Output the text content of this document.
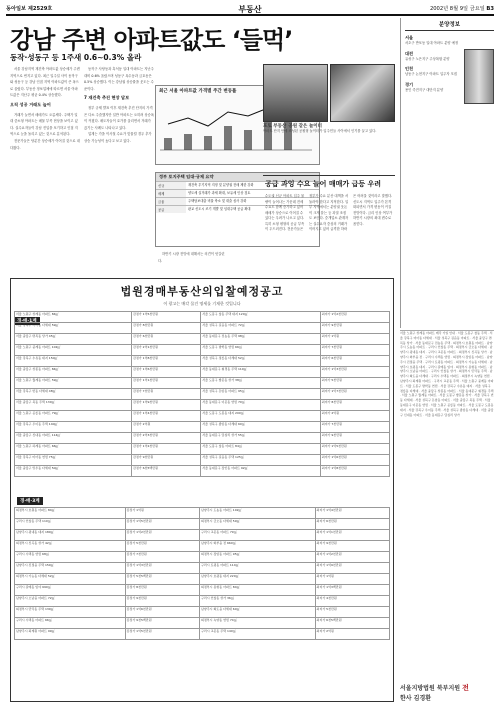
동아일보 제2529호	부동산	2002년 8월 9일 금요일 B3
강남 주변 아파트값도 ‘들먹’
동작·성동구 등 1주새 0.6∼0.3% 올라

서울 강남지역 재건축 아파트값 상승세가 주변 지역으로 번지고 있다. 최근 일주일 사이 동작구와 성동구 등 강남 인접 지역 아파트값이 큰 폭으로 올랐다. 부동산 정보업체에 따르면 서울 아파트값은 지난주 평균 0.4% 상승했다.

오직 성공 거래도 늘어

거래가 늘면서 매매가도 오름세다. 주택가 일대 중소형 아파트는 매물 부족 현상을 보이고 있다. 실수요자들이 강남 진입을 포기하고 인접 지역으로 눈을 돌리고 있는 것으로 분석된다.

전문가들은 당분간 상승세가 이어질 것으로 내다봤다.

동작구 사당동과 흑석동 일대 아파트는 지난주 대비 0.6% 올랐으며 성동구 옥수동과 금호동은 0.5% 상승했다. 이는 강남권 상승률을 웃도는 수준이다.

7 재건축 추진 현장 답보

정부 규제 발표 이후 재건축 추진 단지의 가격은 다소 주춤했지만 일반 아파트는 오히려 상승폭이 커졌다. 매도자들이 호가를 올리면서 거래가 끊기는 사례도 나타나고 있다.

업계는 가을 이사철 수요가 맞물릴 경우 추가 상승 가능성이 높다고 보고 있다.

하반기 시장 전망에 대해서는 의견이 엇갈린다.

최근 서울 아파트값 가격별 주간 변동률
정부 토지주택 임대·규제 요약
신규	재건축 투기지역 지정 및 분양권 전매 제한 강화
세제	양도세 실거래가 과세 확대, 보유세 인상 검토
금융	주택담보대출 비율 축소 및 대출 심사 강화
공급	판교 신도시 조기 개발 및 임대주택 공급 확대
포토 부동산 공원 같은 놀이터
아파트 단지 안에 조성된 공원형 놀이터가 입주민들 사이에서 인기를 끌고 있다.
공급 과잉 수요 늘어 매매가 급등 우려
수도권 신규 아파트 입주 물량이 늘어나는 가운데 전세 수요도 함께 증가하고 있어 매매가 상승으로 이어질 수 있다는 우려가 나오고 있다. 특히 소형 평형의 공급 부족이 두드러진다. 전문가들은 정부가 수요 분산 대책을 서둘러야 한다고 지적한다. 일부 지역에서는 분양권 웃돈이 크게 붙는 등 과열 조짐도 보인다. 중개업소 관계자는 실수요자 중심의 거래가 이어지고 있어 급격한 하락은 어려울 것이라고 말했다. 신도시 지역도 입주가 본격화되면서 가격 변동이 커질 전망이다. 금리 인상 여부가 하반기 시장의 최대 변수로 꼽힌다.
분양정보
서울

서초구 반포동 일대 아파트 분양 예정

대전

유성구 노은지구 주상복합 분양

인천

남동구 논현지구 아파트 입주자 모집

경기

용인 죽전지구 대단지 분양

법원경매부동산의입찰예정공고
이 광고는 매각 물건 명세를 기재한 것입니다
경·매·1계
서울 노원구 상계동 아파트 84㎡	감정가 1억5천만원	서울 도봉구 창동 주택 대지 120㎡	최저가 1억2천만원
서울 강북구 미아동 다세대 59㎡	감정가 8천만원	서울 성북구 길음동 아파트 72㎡	최저가 9천만원
서울 중랑구 면목동 상가 45㎡	감정가 6천만원	서울 동대문구 전농동 주택 98㎡	최저가 1억원
서울 노원구 중계동 아파트 102㎡	감정가 2억1천만원	서울 도봉구 방학동 연립 66㎡	최저가 7천만원
서울 강북구 수유동 대지 150㎡	감정가 1억8천만원	서울 성북구 정릉동 다세대 52㎡	최저가 6천만원
서울 중랑구 상봉동 아파트 84㎡	감정가 1억6천만원	서울 동대문구 휘경동 주택 110㎡	최저가 1억3천만원
서울 노원구 월계동 아파트 59㎡	감정가 1억1천만원	서울 도봉구 쌍문동 상가 38㎡	최저가 5천만원
서울 강북구 번동 다세대 48㎡	감정가 7천만원	서울 성북구 돈암동 아파트 95㎡	최저가 1억7천만원
서울 중랑구 묵동 주택 130㎡	감정가 1억9천만원	서울 동대문구 이문동 연립 70㎡	최저가 8천만원
서울 노원구 공릉동 아파트 79㎡	감정가 1억4천만원	서울 도봉구 도봉동 대지 200㎡	최저가 2억원
서울 강북구 우이동 주택 140㎡	감정가 2억원	서울 성북구 종암동 다세대 60㎡	최저가 7천만원
서울 중랑구 신내동 아파트 114㎡	감정가 2억3천만원	서울 동대문구 답십리 상가 55㎡	최저가 9천만원
서울 노원구 하계동 아파트 66㎡	감정가 1억2천만원	서울 도봉구 창동 아파트 84㎡	최저가 1억5천만원
서울 강북구 미아동 연립 75㎡	감정가 9천만원	서울 성북구 길음동 주택 125㎡	최저가 1억6천만원
서울 중랑구 망우동 다세대 50㎡	감정가 6천5백만원	서울 동대문구 장안동 아파트 92㎡	최저가 1억8천만원
경·매·3계
의정부시 호원동 아파트 84㎡	감정가 1억원	남양주시 도농동 아파트 102㎡	최저가 1억4천만원
구리시 인창동 주택 110㎡	감정가 1억5천만원	의정부시 금오동 다세대 59㎡	최저가 6천만원
남양주시 평내동 대지 180㎡	감정가 1억2천만원	구리시 교문동 아파트 79㎡	최저가 1억1천만원
의정부시 신곡동 상가 42㎡	감정가 5천만원	남양주시 와부읍 전 660㎡	최저가 9천만원
구리시 수택동 연립 68㎡	감정가 7천만원	의정부시 장암동 아파트 95㎡	최저가 1억2천만원
남양주시 진접읍 주택 150㎡	감정가 1억3천만원	구리시 토평동 아파트 114㎡	최저가 1억9천만원
의정부시 가능동 다세대 52㎡	감정가 5천5백만원	남양주시 호평동 대지 220㎡	최저가 1억원
구리시 갈매동 임야 990㎡	감정가 8천만원	의정부시 용현동 아파트 84㎡	최저가 1억3백만원
남양주시 오남읍 아파트 72㎡	감정가 9천만원	구리시 인창동 상가 36㎡	최저가 4천만원
의정부시 민락동 주택 130㎡	감정가 1억6천만원	남양주시 화도읍 다세대 60㎡	최저가 5천만원
구리시 수택동 아파트 66㎡	감정가 9천5백만원	의정부시 녹양동 연립 74㎡	최저가 6천5백만원
남양주시 퇴계원 아파트 99㎡	감정가 1억5천만원	구리시 교문동 주택 140㎡	최저가 2억원
서울 노원구 상계동 아파트 매각 기일 안내 · 서울 도봉구 창동 주택 · 서울 강북구 미아동 다세대 · 서울 성북구 길음동 아파트 · 서울 중랑구 면목동 상가 · 서울 동대문구 전농동 주택 · 의정부시 호원동 아파트 · 남양주시 도농동 아파트 · 구리시 인창동 주택 · 의정부시 금오동 다세대 · 남양주시 평내동 대지 · 구리시 교문동 아파트 · 의정부시 신곡동 상가 · 남양주시 와부읍 전 · 구리시 수택동 연립 · 의정부시 장암동 아파트 · 남양주시 진접읍 주택 · 구리시 토평동 아파트 · 의정부시 가능동 다세대 · 남양주시 호평동 대지 · 구리시 갈매동 임야 · 의정부시 용현동 아파트 · 남양주시 오남읍 아파트 · 구리시 인창동 상가 · 의정부시 민락동 주택 · 남양주시 화도읍 다세대 · 구리시 수택동 아파트 · 의정부시 녹양동 연립 · 남양주시 퇴계원 아파트 · 구리시 교문동 주택 · 서울 노원구 중계동 아파트 · 서울 도봉구 방학동 연립 · 서울 강북구 수유동 대지 · 서울 성북구 정릉동 다세대 · 서울 중랑구 상봉동 아파트 · 서울 동대문구 휘경동 주택 · 서울 노원구 월계동 아파트 · 서울 도봉구 쌍문동 상가 · 서울 강북구 번동 다세대 · 서울 성북구 돈암동 아파트 · 서울 중랑구 묵동 주택 · 서울 동대문구 이문동 연립 · 서울 노원구 공릉동 아파트 · 서울 도봉구 도봉동 대지 · 서울 강북구 우이동 주택 · 서울 성북구 종암동 다세대 · 서울 중랑구 신내동 아파트 · 서울 동대문구 답십리 상가
서울지방법원 북부지원 전
한사 김경환
